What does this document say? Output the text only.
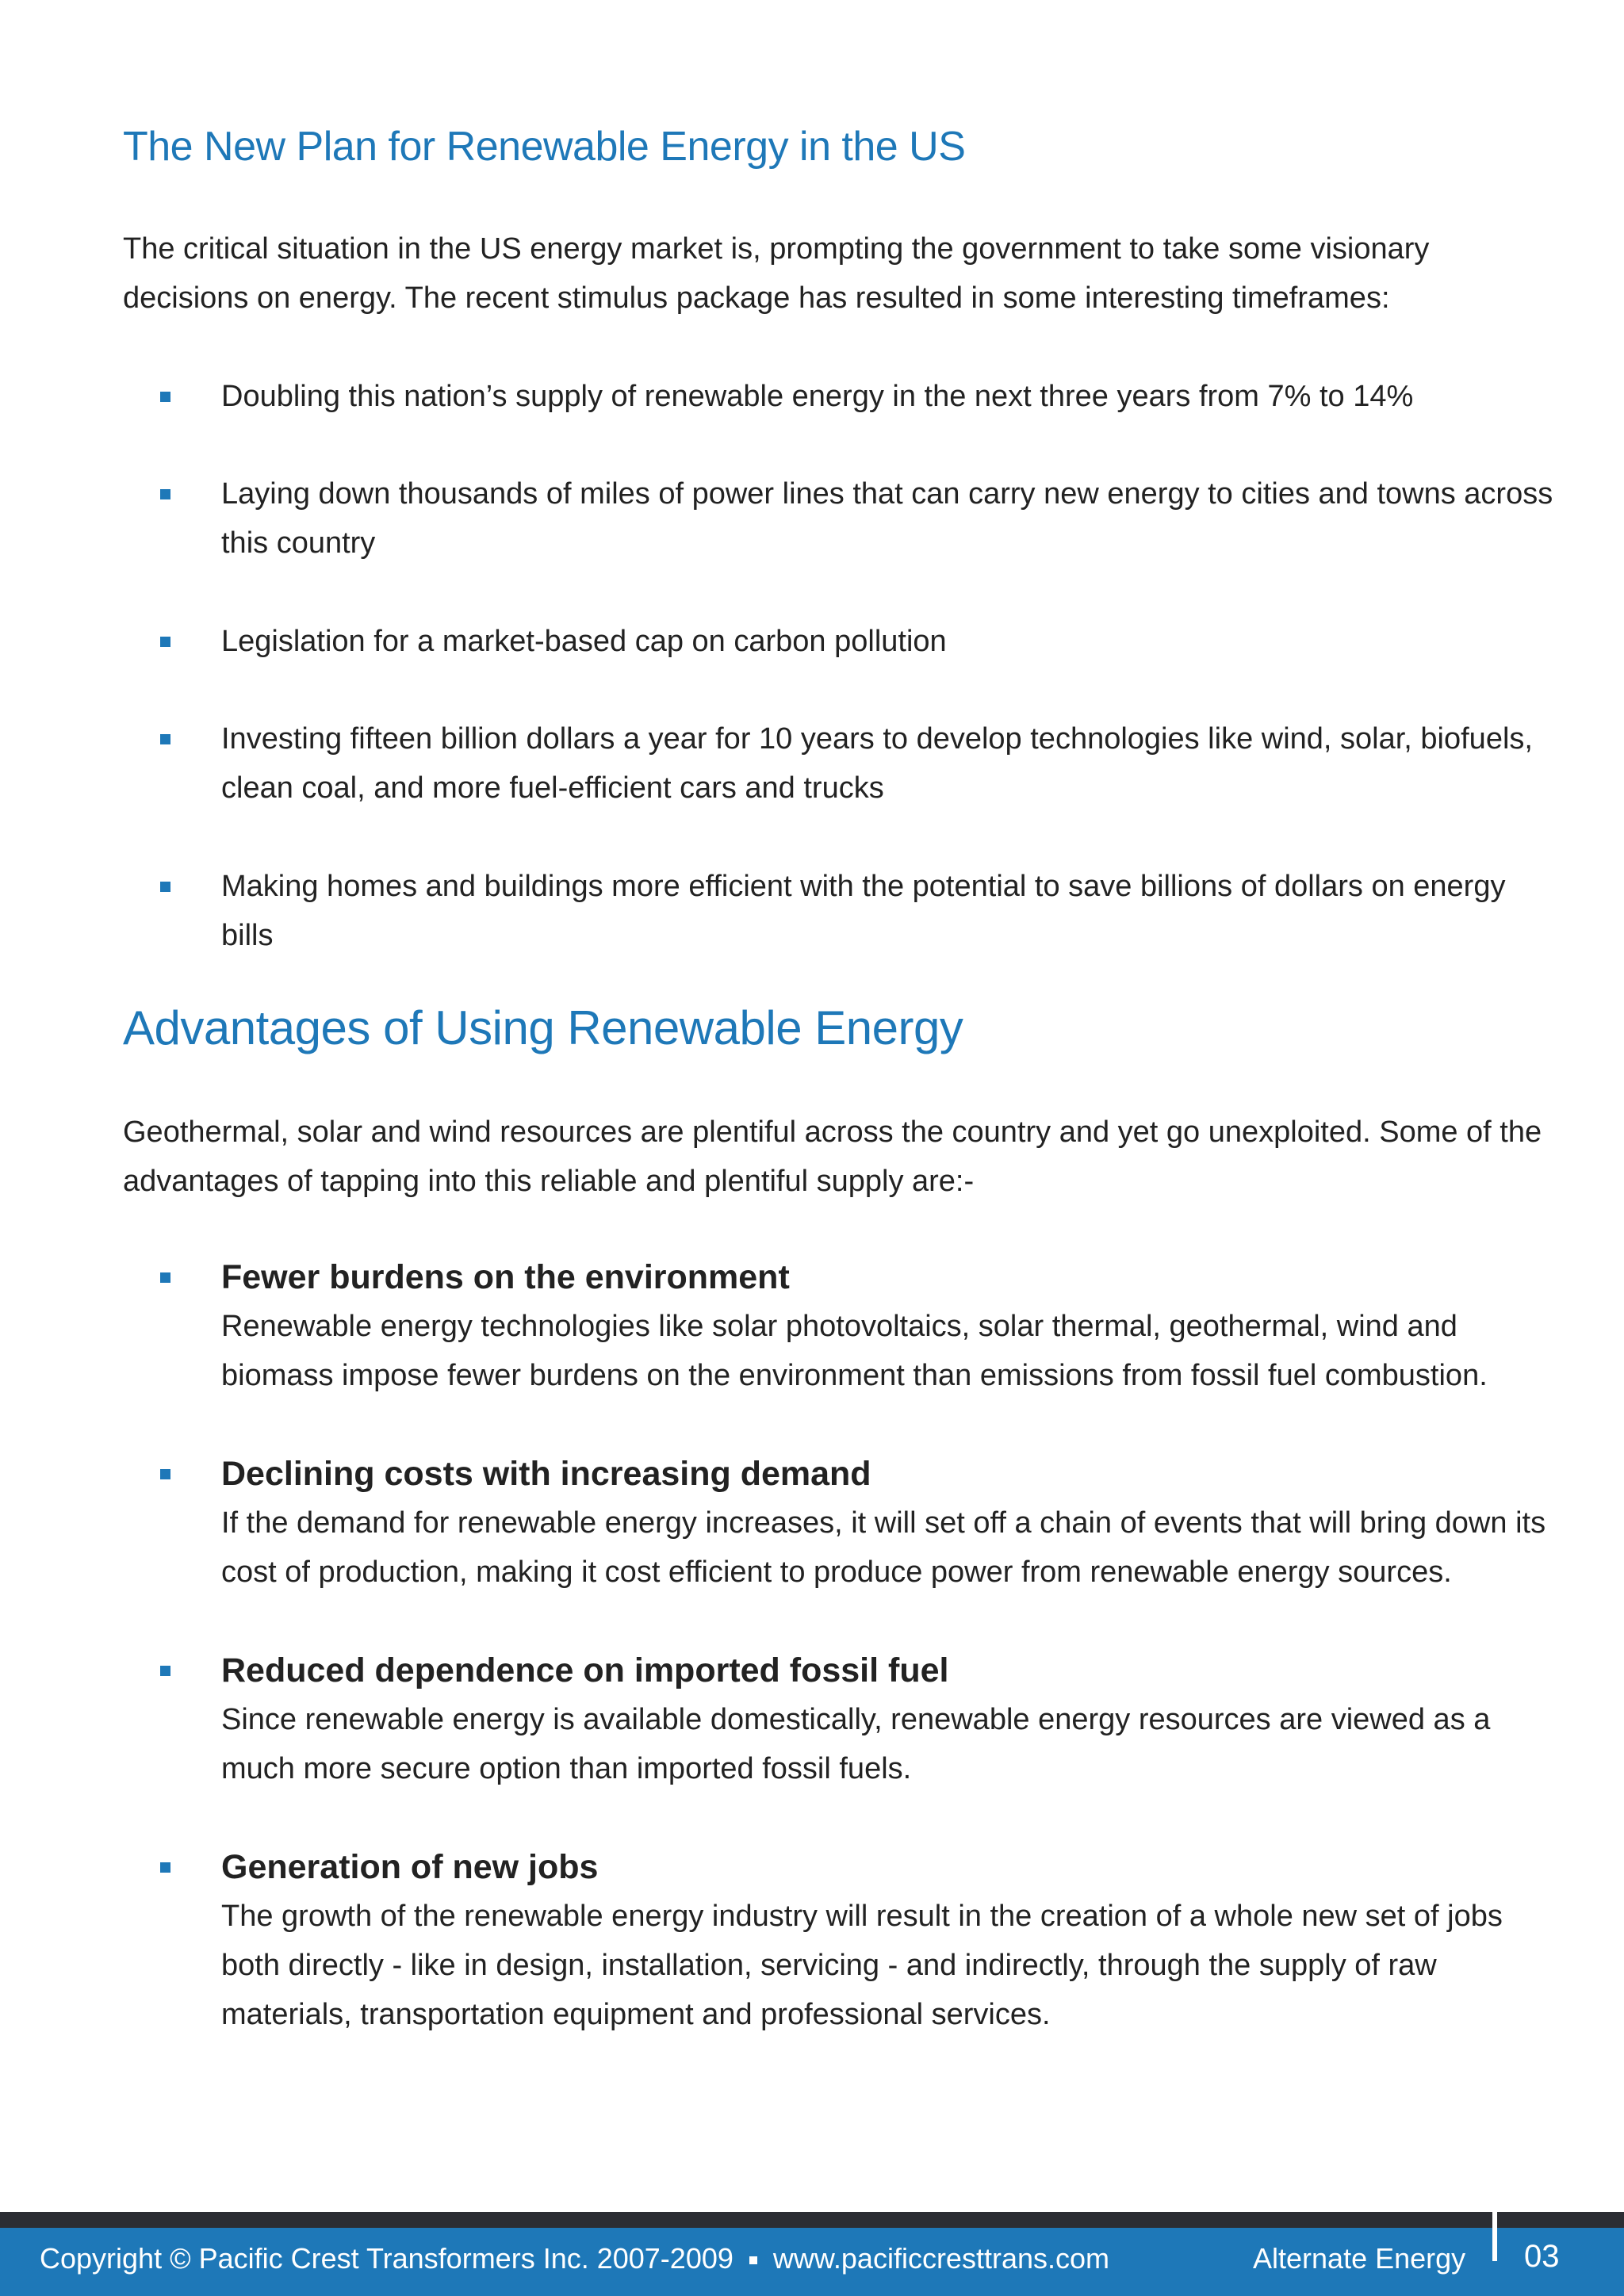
The New Plan for Renewable Energy in the US

The critical situation in the US energy market is, prompting the government to take some visionary decisions on energy. The recent stimulus package has resulted in some interesting timeframes:

Doubling this nation’s supply of renewable energy in the next three years from 7% to 14%

Laying down thousands of miles of power lines that can carry new energy to cities and towns across this country

Legislation for a market-based cap on carbon pollution

Investing fifteen billion dollars a year for 10 years to develop technologies like wind, solar, biofuels, clean coal, and more fuel-efficient cars and trucks

Making homes and buildings more efficient with the potential to save billions of dollars on energy bills

Advantages of Using Renewable Energy

Geothermal, solar and wind resources are plentiful across the country and yet go unexploited. Some of the advantages of tapping into this reliable and plentiful supply are:-

Fewer burdens on the environment
Renewable energy technologies like solar photovoltaics, solar thermal, geothermal, wind and biomass impose fewer burdens on the environment than emissions from fossil fuel combustion.

Declining costs with increasing demand
If the demand for renewable energy increases, it will set off a chain of events that will bring down its cost of production, making it cost efficient to produce power from renewable energy sources.

Reduced dependence on imported fossil fuel
Since renewable energy is available domestically, renewable energy resources are viewed as a much more secure option than imported fossil fuels.

Generation of new jobs
The growth of the renewable energy industry will result in the creation of a whole new set of jobs both directly - like in design, installation, servicing - and indirectly, through the supply of raw materials, transportation equipment and professional services.

Copyright © Pacific Crest Transformers Inc. 2007-2009 www.pacificcresttrans.com	Alternate Energy 03
